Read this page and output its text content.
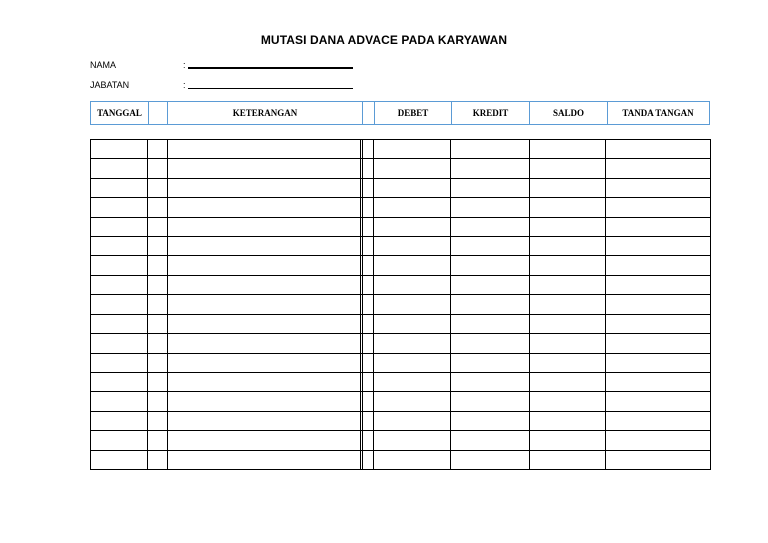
MUTASI DANA ADVACE PADA KARYAWAN
NAMA	:
JABATAN	:
TANGGAL	KETERANGAN	DEBET	KREDIT	SALDO	TANDA TANGAN
